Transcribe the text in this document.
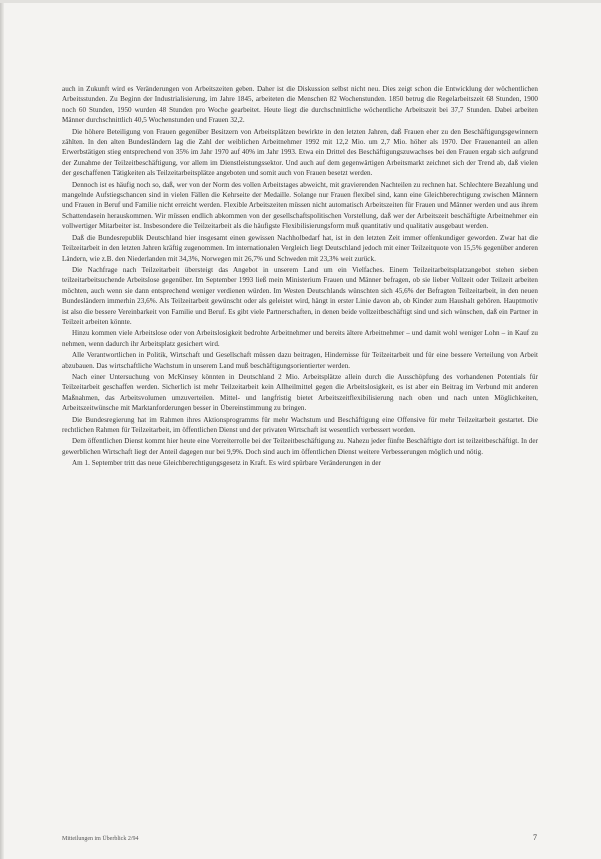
auch in Zukunft wird es Veränderungen von Arbeitszeiten geben. Daher ist die Diskussion selbst nicht neu. Dies zeigt schon die Entwicklung der wöchentlichen Arbeitsstunden. Zu Beginn der Industrialisierung, im Jahre 1845, arbeiteten die Menschen 82 Wochenstunden. 1850 betrug die Regelarbeitszeit 68 Stunden, 1900 noch 60 Stunden, 1950 wurden 48 Stunden pro Woche gearbeitet. Heute liegt die durchschnittliche wöchentliche Arbeitszeit bei 37,7 Stunden. Dabei arbeiten Männer durchschnittlich 40,5 Wochenstunden und Frauen 32,2.

Die höhere Beteiligung von Frauen gegenüber Besitzern von Arbeitsplätzen bewirkte in den letzten Jahren, daß Frauen eher zu den Beschäftigungsgewinnern zählten. In den alten Bundesländern lag die Zahl der weiblichen Arbeitnehmer 1992 mit 12,2 Mio. um 2,7 Mio. höher als 1970. Der Frauenanteil an allen Erwerbstätigen stieg entsprechend von 35% im Jahr 1970 auf 40% im Jahr 1993. Etwa ein Drittel des Beschäftigungszuwachses bei den Frauen ergab sich aufgrund der Zunahme der Teilzeitbeschäftigung, vor allem im Dienstleistungssektor. Und auch auf dem gegenwärtigen Arbeitsmarkt zeichnet sich der Trend ab, daß vielen der geschaffenen Tätigkeiten als Teilzeitarbeitsplätze angeboten und somit auch von Frauen besetzt werden.

Dennoch ist es häufig noch so, daß, wer von der Norm des vollen Arbeitstages abweicht, mit gravierenden Nachteilen zu rechnen hat. Schlechtere Bezahlung und mangelnde Aufstiegschancen sind in vielen Fällen die Kehrseite der Medaille. Solange nur Frauen flexibel sind, kann eine Gleichberechtigung zwischen Männern und Frauen in Beruf und Familie nicht erreicht werden. Flexible Arbeitszeiten müssen nicht automatisch Arbeitszeiten für Frauen und Männer werden und aus ihrem Schattendasein herauskommen. Wir müssen endlich abkommen von der gesellschaftspolitischen Vorstellung, daß wer der Arbeitszeit beschäftigte Arbeitnehmer ein vollwertiger Mitarbeiter ist. Insbesondere die Teilzeitarbeit als die häufigste Flexibilisierungsform muß quantitativ und qualitativ ausgebaut werden.

Daß die Bundesrepublik Deutschland hier insgesamt einen gewissen Nachholbedarf hat, ist in den letzten Zeit immer offenkundiger geworden. Zwar hat die Teilzeitarbeit in den letzten Jahren kräftig zugenommen. Im internationalen Vergleich liegt Deutschland jedoch mit einer Teilzeitquote von 15,5% gegenüber anderen Ländern, wie z.B. den Niederlanden mit 34,3%, Norwegen mit 26,7% und Schweden mit 23,3% weit zurück.

Die Nachfrage nach Teilzeitarbeit übersteigt das Angebot in unserem Land um ein Vielfaches. Einem Teilzeitarbeitsplatzangebot stehen sieben teilzeitarbeitsuchende Arbeitslose gegenüber. Im September 1993 ließ mein Ministerium Frauen und Männer befragen, ob sie lieber Vollzeit oder Teilzeit arbeiten möchten, auch wenn sie dann entsprechend weniger verdienen würden. Im Westen Deutschlands wünschten sich 45,6% der Befragten Teilzeitarbeit, in den neuen Bundesländern immerhin 23,6%. Als Teilzeitarbeit gewünscht oder als geleistet wird, hängt in erster Linie davon ab, ob Kinder zum Haushalt gehören. Hauptmotiv ist also die bessere Vereinbarkeit von Familie und Beruf. Es gibt viele Partnerschaften, in denen beide vollzeitbeschäftigt sind und sich wünschen, daß ein Partner in Teilzeit arbeiten könnte.

Hinzu kommen viele Arbeitslose oder von Arbeitslosigkeit bedrohte Arbeitnehmer und bereits ältere Arbeitnehmer – und damit wohl weniger Lohn – in Kauf zu nehmen, wenn dadurch ihr Arbeitsplatz gesichert wird.

Alle Verantwortlichen in Politik, Wirtschaft und Gesellschaft müssen dazu beitragen, Hindernisse für Teilzeitarbeit und für eine bessere Verteilung von Arbeit abzubauen. Das wirtschaftliche Wachstum in unserem Land muß beschäftigungsorientierter werden.

Nach einer Untersuchung von McKinsey könnten in Deutschland 2 Mio. Arbeitsplätze allein durch die Ausschöpfung des vorhandenen Potentials für Teilzeitarbeit geschaffen werden. Sicherlich ist mehr Teilzeitarbeit kein Allheilmittel gegen die Arbeitslosigkeit, es ist aber ein Beitrag im Verbund mit anderen Maßnahmen, das Arbeitsvolumen umzuverteilen. Mittel- und langfristig bietet Arbeitszeitflexibilisierung nach oben und nach unten Möglichkeiten, Arbeitszeitwünsche mit Marktanforderungen besser in Übereinstimmung zu bringen.

Die Bundesregierung hat im Rahmen ihres Aktionsprogramms für mehr Wachstum und Beschäftigung eine Offensive für mehr Teilzeitarbeit gestartet. Die rechtlichen Rahmen für Teilzeitarbeit, im öffentlichen Dienst und der privaten Wirtschaft ist wesentlich verbessert worden.

Dem öffentlichen Dienst kommt hier heute eine Vorreiterrolle bei der Teilzeitbeschäftigung zu. Nahezu jeder fünfte Beschäftigte dort ist teilzeitbeschäftigt. In der gewerblichen Wirtschaft liegt der Anteil dagegen nur bei 9,9%. Doch sind auch im öffentlichen Dienst weitere Verbesserungen möglich und nötig.

Am 1. September tritt das neue Gleichberechtigungsgesetz in Kraft. Es wird spürbare Veränderungen in der

Mitteilungen im Überblick 2/94	7
